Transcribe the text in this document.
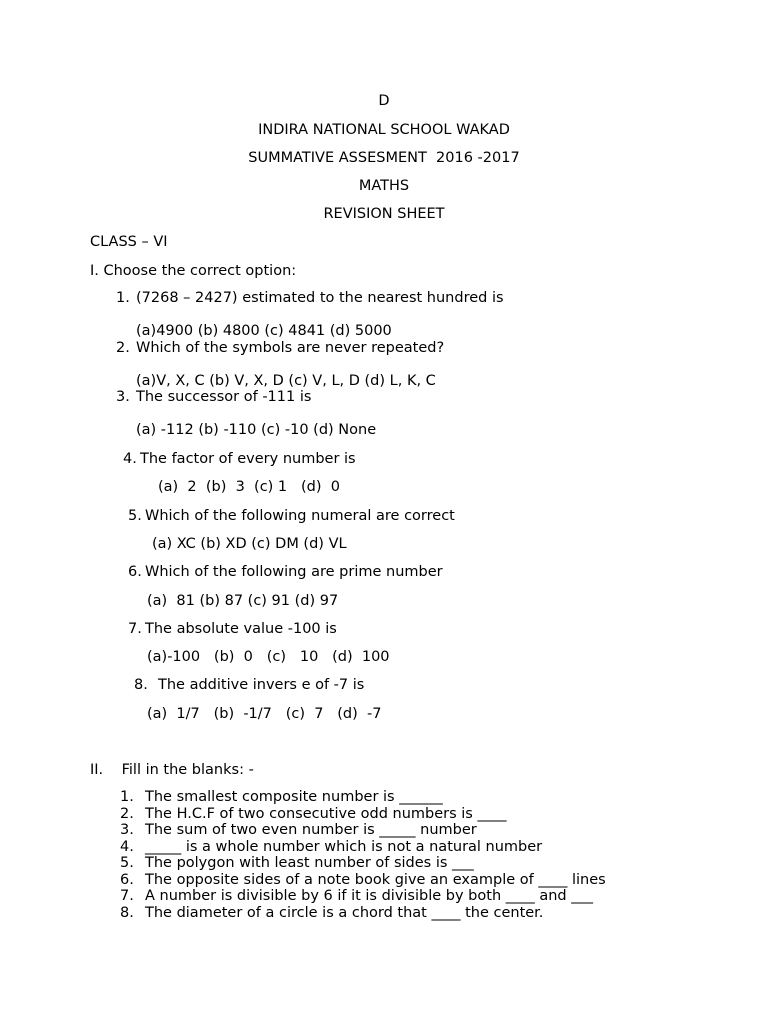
D
INDIRA NATIONAL SCHOOL WAKAD
SUMMATIVE ASSESMENT  2016 -2017
MATHS
REVISION SHEET
CLASS – VI
I. Choose the correct option:
1. (7268 – 2427) estimated to the nearest hundred is
(a)4900 (b) 4800 (c) 4841 (d) 5000
2. Which of the symbols are never repeated?
(a)V, X, C (b) V, X, D (c) V, L, D (d) L, K, C
3. The successor of -111 is
(a) -112 (b) -110 (c) -10 (d) None
4. The factor of every number is
(a)  2  (b)  3  (c) 1   (d)  0
5. Which of the following numeral are correct
(a) XC (b) XD (c) DM (d) VL
6. Which of the following are prime number
(a)  81 (b) 87 (c) 91 (d) 97
7. The absolute value -100 is
(a)-100   (b)  0   (c)   10   (d)  100
8. The additive invers e of -7 is
(a)  1/7   (b)  -1/7   (c)  7   (d)  -7
II.    Fill in the blanks: -
1. The smallest composite number is ______
2. The H.C.F of two consecutive odd numbers is ____
3. The sum of two even number is _____ number
4. _____ is a whole number which is not a natural number
5. The polygon with least number of sides is ___
6. The opposite sides of a note book give an example of ____ lines
7. A number is divisible by 6 if it is divisible by both ____ and ___
8. The diameter of a circle is a chord that ____ the center.
